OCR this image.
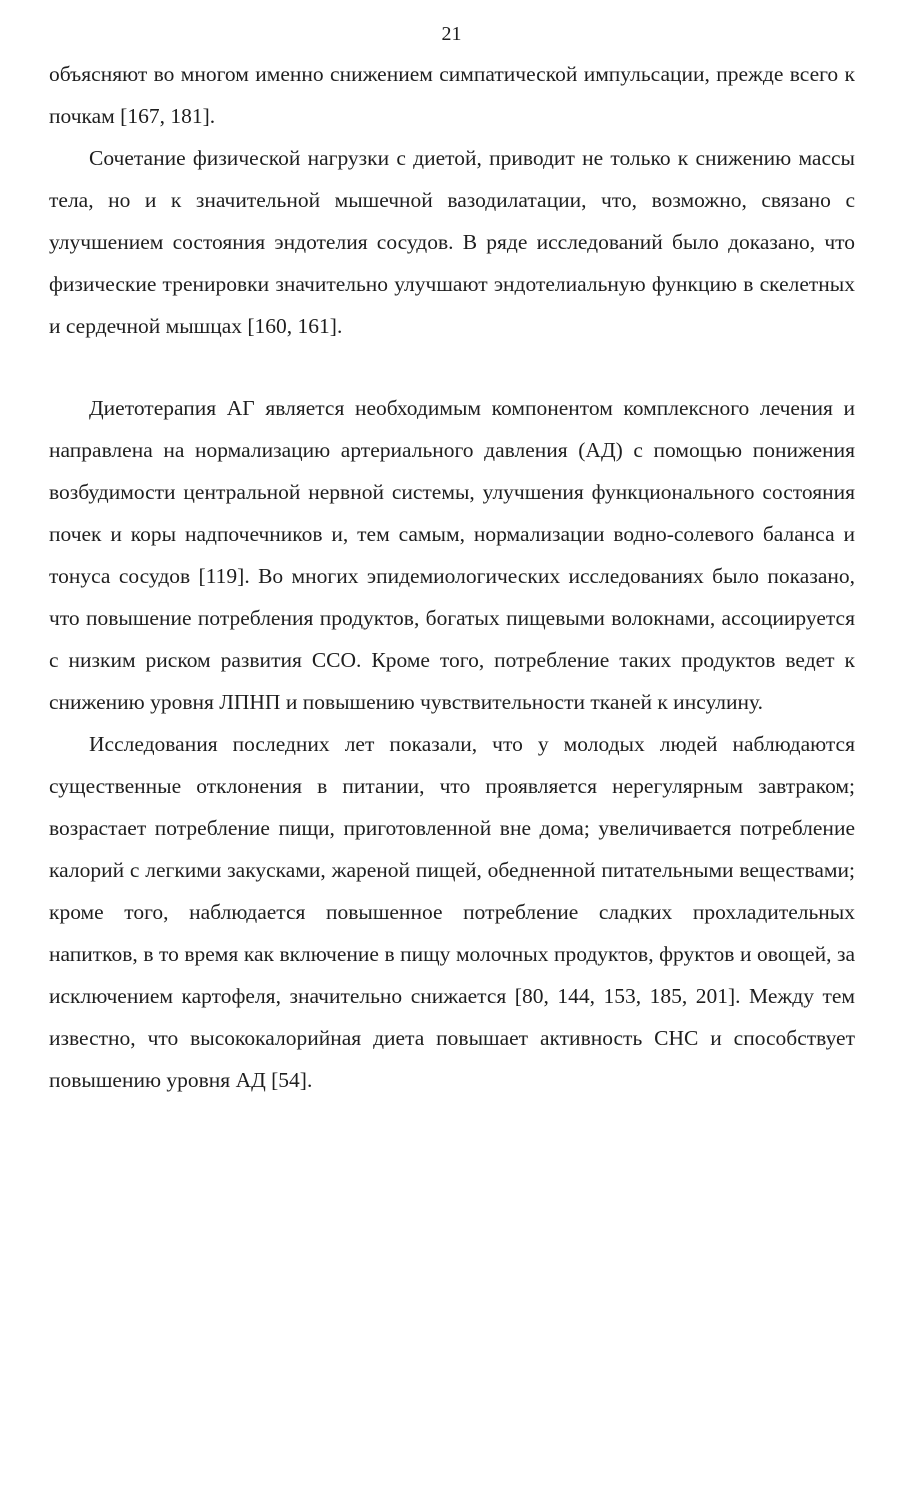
21

объясняют во многом именно снижением симпатической импульсации, прежде всего к почкам [167, 181].

Сочетание физической нагрузки с диетой, приводит не только к снижению массы тела, но и к значительной мышечной вазодилатации, что, возможно, связано с улучшением состояния эндотелия сосудов. В ряде исследований было доказано, что физические тренировки значительно улучшают эндотелиальную функцию в скелетных и сердечной мышцах [160, 161].

Диетотерапия АГ является необходимым компонентом комплексного лечения и направлена на нормализацию артериального давления (АД) с помощью понижения возбудимости центральной нервной системы, улучшения функционального состояния почек и коры надпочечников и, тем самым, нормализации водно-солевого баланса и тонуса сосудов [119]. Во многих эпидемиологических исследованиях было показано, что повышение потребления продуктов, богатых пищевыми волокнами, ассоциируется с низким риском развития ССО. Кроме того, потребление таких продуктов ведет к снижению уровня ЛПНП и повышению чувствительности тканей к инсулину.

Исследования последних лет показали, что у молодых людей наблюдаются существенные отклонения в питании, что проявляется нерегулярным завтраком; возрастает потребление пищи, приготовленной вне дома; увеличивается потребление калорий с легкими закусками, жареной пищей, обедненной питательными веществами; кроме того, наблюдается повышенное потребление сладких прохладительных напитков, в то время как включение в пищу молочных продуктов, фруктов и овощей, за исключением картофеля, значительно снижается [80, 144, 153, 185, 201]. Между тем известно, что высококалорийная диета повышает активность СНС и способствует повышению уровня АД [54].
